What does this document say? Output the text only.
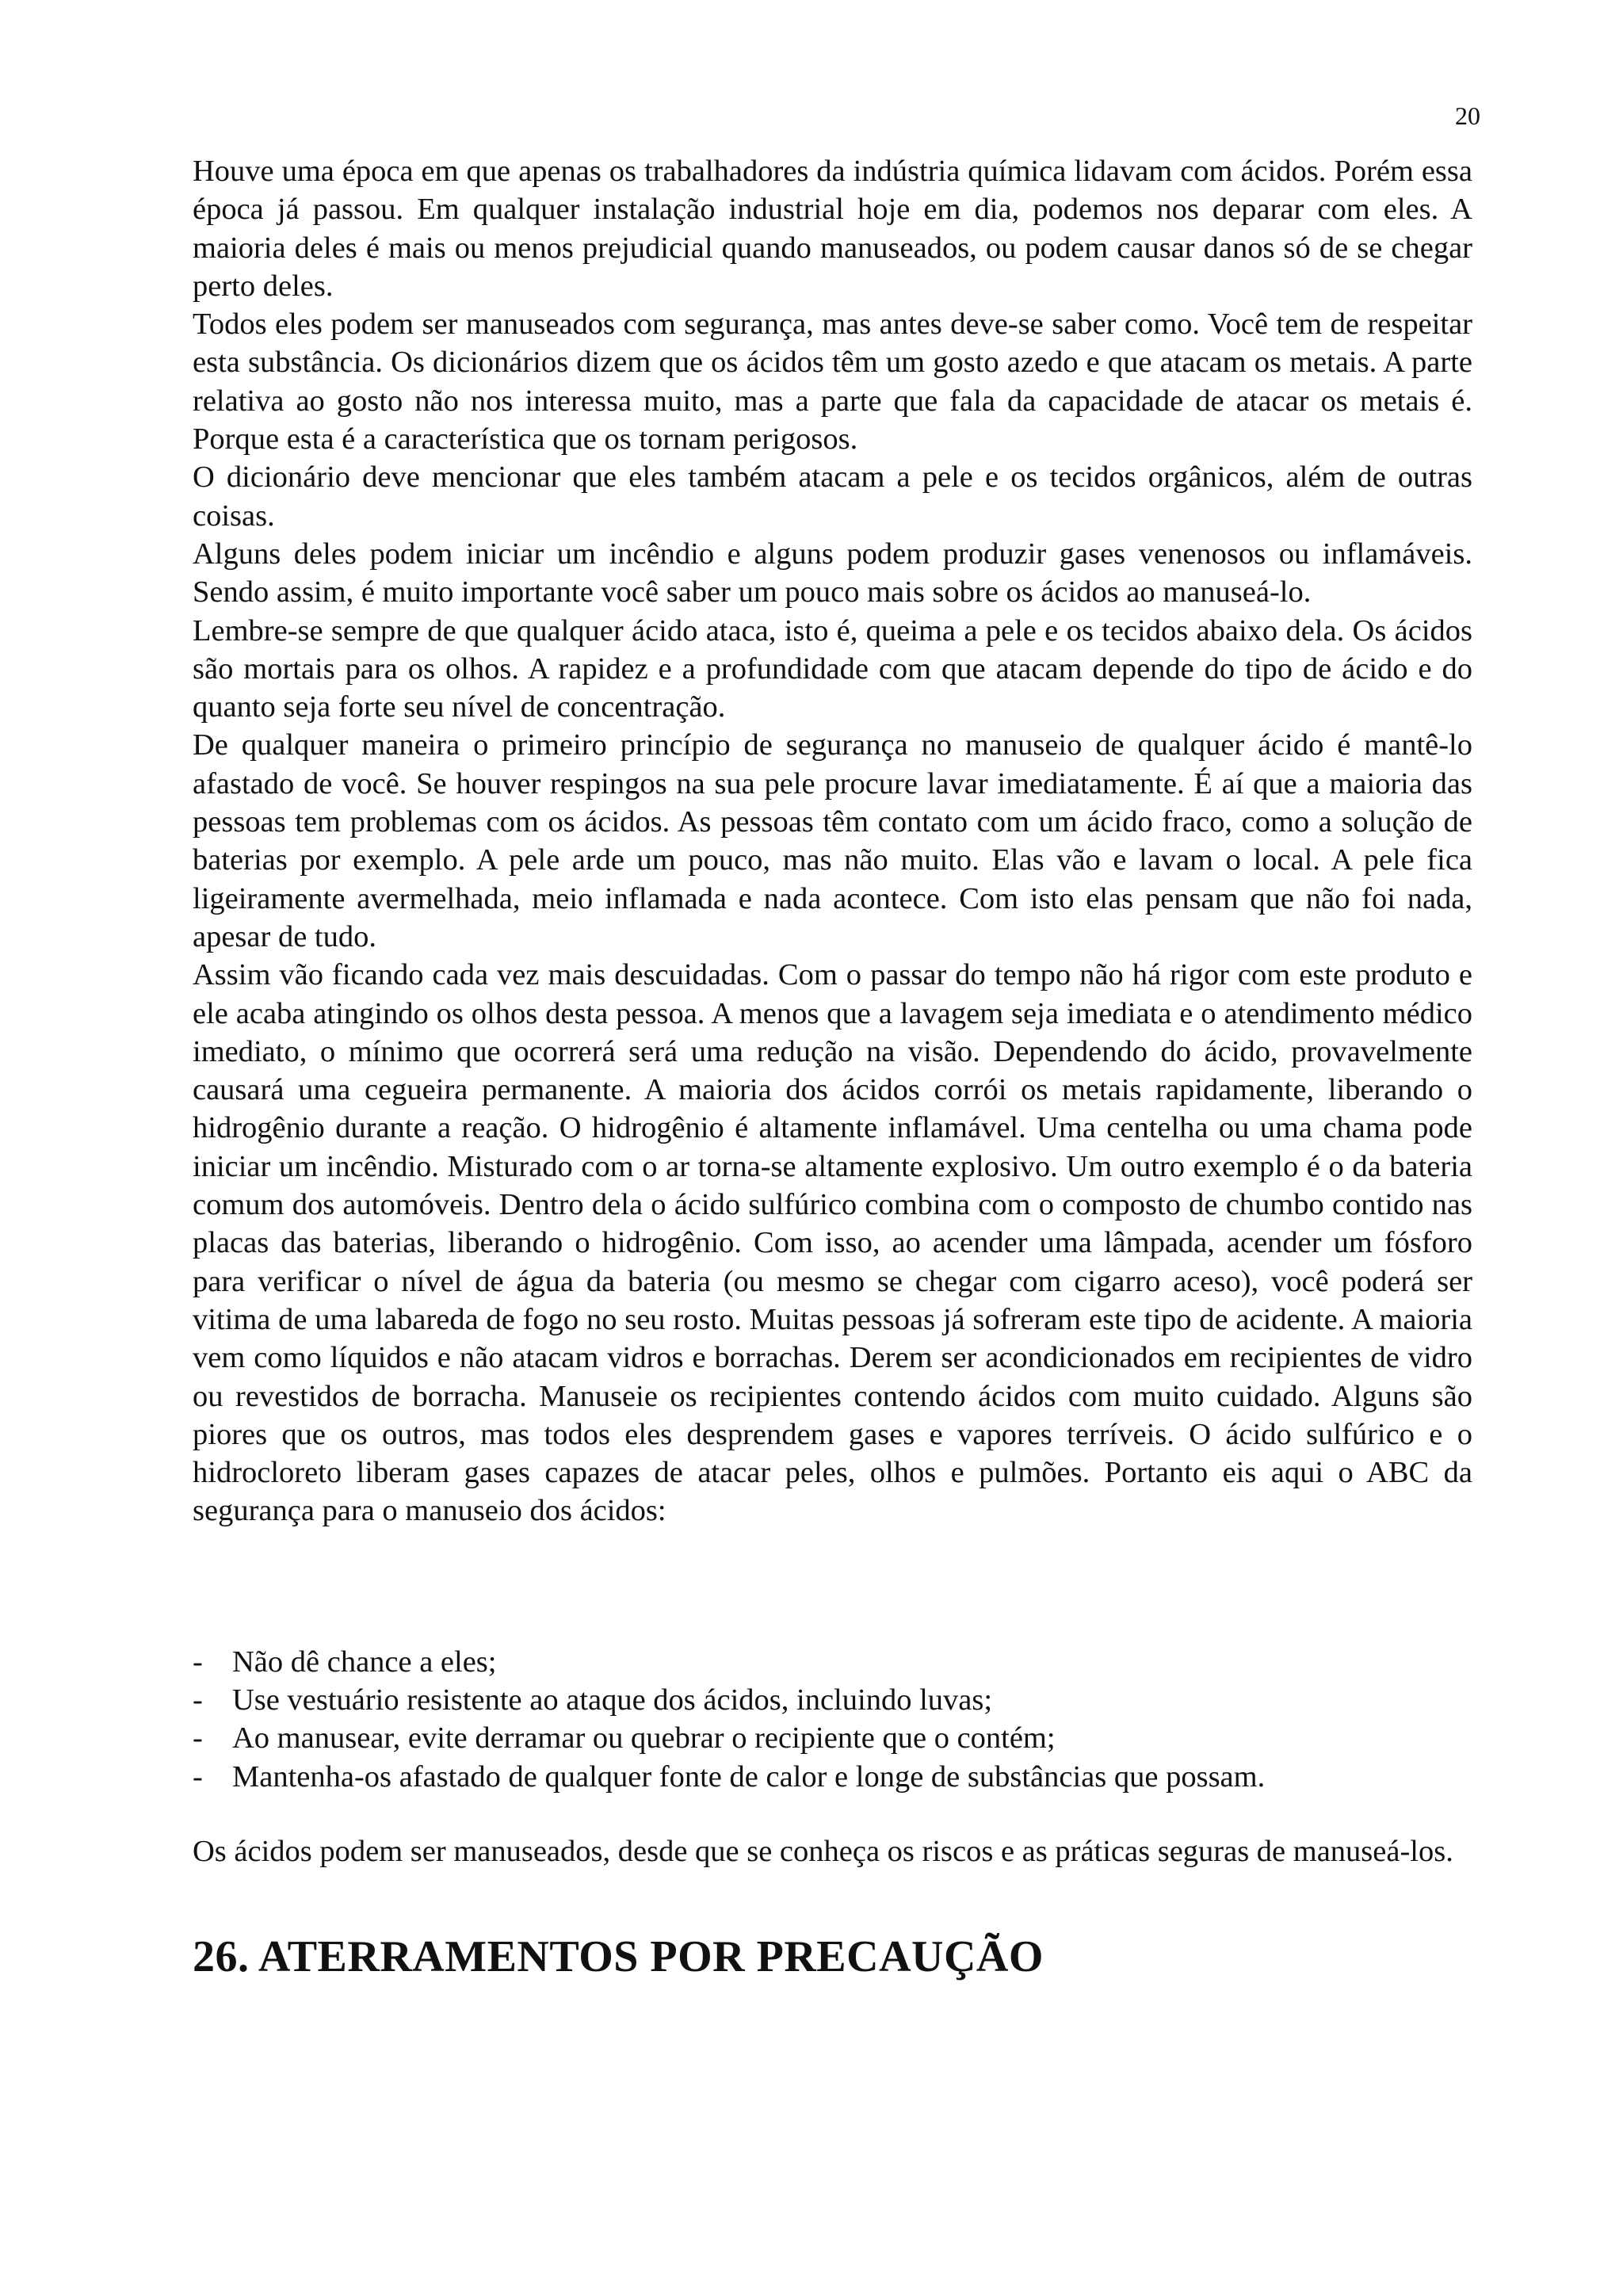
20

Houve uma época em que apenas os trabalhadores da indústria química lidavam com ácidos. Porém essa época já passou. Em qualquer instalação industrial hoje em dia, podemos nos deparar com eles. A maioria deles é mais ou menos prejudicial quando manuseados, ou podem causar danos só de se chegar perto deles.

Todos eles podem ser manuseados com segurança, mas antes deve-se saber como. Você tem de respeitar esta substância. Os dicionários dizem que os ácidos têm um gosto azedo e que atacam os metais. A parte relativa ao gosto não nos interessa muito, mas a parte que fala da capacidade de atacar os metais é. Porque esta é a característica que os tornam perigosos.

O dicionário deve mencionar que eles também atacam a pele e os tecidos orgânicos, além de outras coisas.

Alguns deles podem iniciar um incêndio e alguns podem produzir gases venenosos ou inflamáveis. Sendo assim, é muito importante você saber um pouco mais sobre os ácidos ao manuseá-lo.

Lembre-se sempre de que qualquer ácido ataca, isto é, queima a pele e os tecidos abaixo dela. Os ácidos são mortais para os olhos. A rapidez e a profundidade com que atacam depende do tipo de ácido e do quanto seja forte seu nível de concentração.

De qualquer maneira o primeiro princípio de segurança no manuseio de qualquer ácido é mantê-lo afastado de você. Se houver respingos na sua pele procure lavar imediatamente. É aí que a maioria das pessoas tem problemas com os ácidos. As pessoas têm contato com um ácido fraco, como a solução de baterias por exemplo. A pele arde um pouco, mas não muito. Elas vão e lavam o local. A pele fica ligeiramente avermelhada, meio inflamada e nada acontece. Com isto elas pensam que não foi nada, apesar de tudo.

Assim vão ficando cada vez mais descuidadas. Com o passar do tempo não há rigor com este produto e ele acaba atingindo os olhos desta pessoa. A menos que a lavagem seja imediata e o atendimento médico imediato, o mínimo que ocorrerá será uma redução na visão. Dependendo do ácido, provavelmente causará uma cegueira permanente. A maioria dos ácidos corrói os metais rapidamente, liberando o hidrogênio durante a reação. O hidrogênio é altamente inflamável. Uma centelha ou uma chama pode iniciar um incêndio. Misturado com o ar torna-se altamente explosivo. Um outro exemplo é o da bateria comum dos automóveis. Dentro dela o ácido sulfúrico combina com o composto de chumbo contido nas placas das baterias, liberando o hidrogênio. Com isso, ao acender uma lâmpada, acender um fósforo para verificar o nível de água da bateria (ou mesmo se chegar com cigarro aceso), você poderá ser vitima de uma labareda de fogo no seu rosto. Muitas pessoas já sofreram este tipo de acidente. A maioria vem como líquidos e não atacam vidros e borrachas. Derem ser acondicionados em recipientes de vidro ou revestidos de borracha. Manuseie os recipientes contendo ácidos com muito cuidado. Alguns são piores que os outros, mas todos eles desprendem gases e vapores terríveis. O ácido sulfúrico e o hidrocloreto liberam gases capazes de atacar peles, olhos e pulmões. Portanto eis aqui o ABC da segurança para o manuseio dos ácidos:

- Não dê chance a eles;
- Use vestuário resistente ao ataque dos ácidos, incluindo luvas;
- Ao manusear, evite derramar ou quebrar o recipiente que o contém;
- Mantenha-os afastado de qualquer fonte de calor e longe de substâncias que possam.

Os ácidos podem ser manuseados, desde que se conheça os riscos e as práticas seguras de manuseá-los.

26. ATERRAMENTOS POR PRECAUÇÃO
